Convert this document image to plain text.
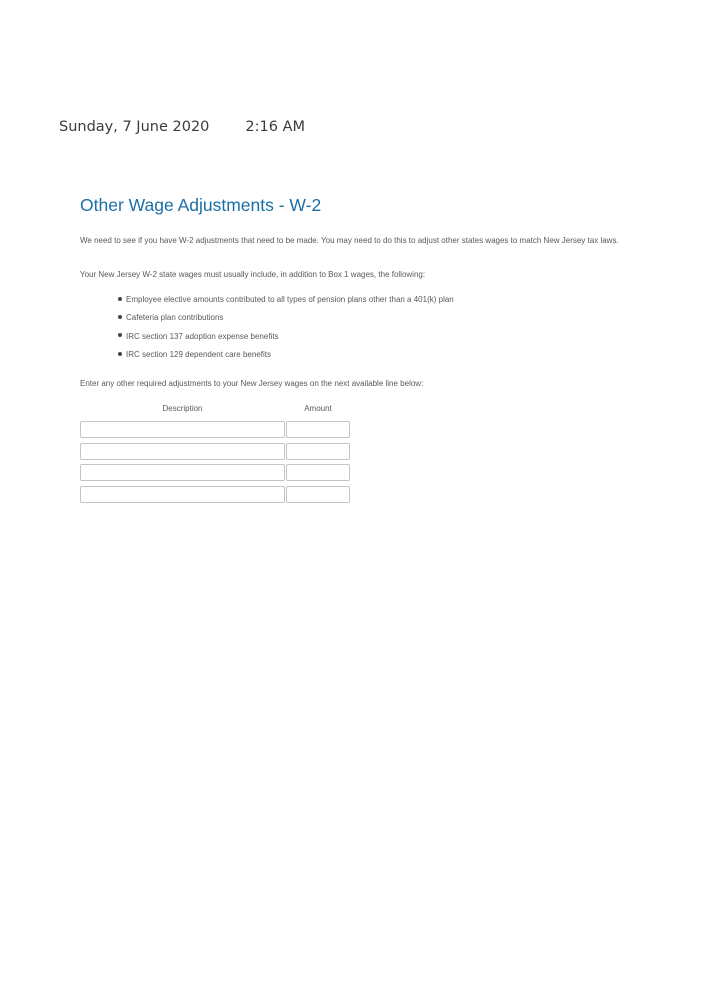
Sunday, 7 June 2020 2:16 AM
Other Wage Adjustments - W-2

We need to see if you have W-2 adjustments that need to be made. You may need to do this to adjust other states wages to match New Jersey tax laws.

Your New Jersey W-2 state wages must usually include, in addition to Box 1 wages, the following:

Employee elective amounts contributed to all types of pension plans other than a 401(k) plan
Cafeteria plan contributions
IRC section 137 adoption expense benefits
IRC section 129 dependent care benefits

Enter any other required adjustments to your New Jersey wages on the next available line below:

Description	Amount
